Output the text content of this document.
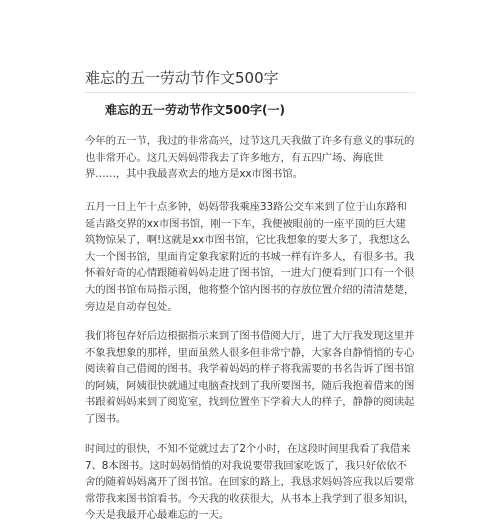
难忘的五一劳动节作文500字
难忘的五一劳动节作文500字(一)

今年的五一节，我过的非常高兴，过节这几天我做了许多有意义的事玩的也非常开心。这几天妈妈带我去了许多地方，有五四广场、海底世界……，其中我最喜欢去的地方是xx市图书馆。

五月一日上午十点多钟，妈妈带我乘座33路公交车来到了位于山东路和延吉路交界的xx市图书馆，刚一下车，我便被眼前的一座平顶的巨大建筑物惊呆了，啊!这就是xx市图书馆，它比我想象的要大多了，我想这么大一个图书馆，里面肯定象我家附近的书城一样有许多人，有很多书。我怀着好奇的心情跟随着妈妈走进了图书馆，一进大门便看到门口有一个很大的图书馆布局指示图，他将整个馆内图书的存放位置介绍的清清楚楚，旁边是自动存包处。

我们将包存好后边根据指示来到了图书借阅大厅，进了大厅我发现这里并不象我想象的那样，里面虽然人很多但非常宁静，大家各自静悄悄的专心阅读着自己借阅的图书。我学着妈妈的样子将我需要的书名告诉了图书馆的阿姨，阿姨很快就通过电脑查找到了我所要图书，随后我抱着借来的图书跟着妈妈来到了阅览室，找到位置坐下学着大人的样子，静静的阅读起了图书。

时间过的很快，不知不觉就过去了2个小时，在这段时间里我看了我借来7、8本图书。这时妈妈悄悄的对我说要带我回家吃饭了，我只好依依不舍的随着妈妈离开了图书馆。在回家的路上，我恳求妈妈答应我以后要常常带我来图书馆看书。今天我的收获很大，从书本上我学到了很多知识，今天是我最开心最难忘的一天。
